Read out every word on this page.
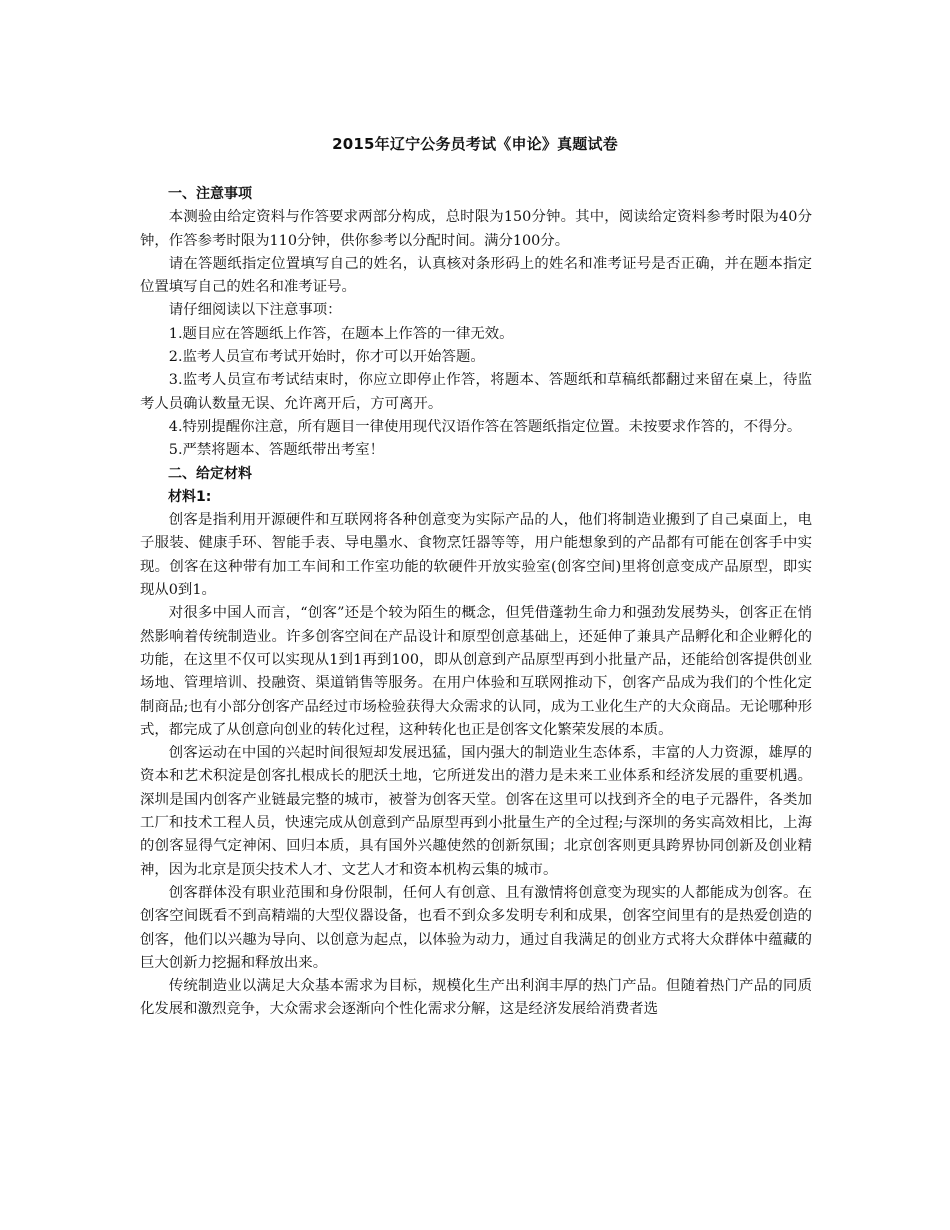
2015年辽宁公务员考试《申论》真题试卷

一、注意事项

本测验由给定资料与作答要求两部分构成，总时限为150分钟。其中，阅读给定资料参考时限为40分钟，作答参考时限为110分钟，供你参考以分配时间。满分100分。

请在答题纸指定位置填写自己的姓名，认真核对条形码上的姓名和准考证号是否正确，并在题本指定位置填写自己的姓名和准考证号。

请仔细阅读以下注意事项：

1.题目应在答题纸上作答，在题本上作答的一律无效。

2.监考人员宣布考试开始时，你才可以开始答题。

3.监考人员宣布考试结束时，你应立即停止作答，将题本、答题纸和草稿纸都翻过来留在桌上，待监考人员确认数量无误、允许离开后，方可离开。

4.特别提醒你注意，所有题目一律使用现代汉语作答在答题纸指定位置。未按要求作答的，不得分。

5.严禁将题本、答题纸带出考室！

二、给定材料

材料1:

创客是指利用开源硬件和互联网将各种创意变为实际产品的人，他们将制造业搬到了自己桌面上，电子服装、健康手环、智能手表、导电墨水、食物烹饪器等等，用户能想象到的产品都有可能在创客手中实现。创客在这种带有加工车间和工作室功能的软硬件开放实验室(创客空间)里将创意变成产品原型，即实现从0到1。

对很多中国人而言，“创客”还是个较为陌生的概念，但凭借蓬勃生命力和强劲发展势头，创客正在悄然影响着传统制造业。许多创客空间在产品设计和原型创意基础上，还延伸了兼具产品孵化和企业孵化的功能，在这里不仅可以实现从1到1再到100，即从创意到产品原型再到小批量产品，还能给创客提供创业场地、管理培训、投融资、渠道销售等服务。在用户体验和互联网推动下，创客产品成为我们的个性化定制商品;也有小部分创客产品经过市场检验获得大众需求的认同，成为工业化生产的大众商品。无论哪种形式，都完成了从创意向创业的转化过程，这种转化也正是创客文化繁荣发展的本质。

创客运动在中国的兴起时间很短却发展迅猛，国内强大的制造业生态体系，丰富的人力资源，雄厚的资本和艺术积淀是创客扎根成长的肥沃土地，它所迸发出的潜力是未来工业体系和经济发展的重要机遇。深圳是国内创客产业链最完整的城市，被誉为创客天堂。创客在这里可以找到齐全的电子元器件，各类加工厂和技术工程人员，快速完成从创意到产品原型再到小批量生产的全过程;与深圳的务实高效相比，上海的创客显得气定神闲、回归本质，具有国外兴趣使然的创新氛围；北京创客则更具跨界协同创新及创业精神，因为北京是顶尖技术人才、文艺人才和资本机构云集的城市。

创客群体没有职业范围和身份限制，任何人有创意、且有激情将创意变为现实的人都能成为创客。在创客空间既看不到高精端的大型仪器设备，也看不到众多发明专利和成果，创客空间里有的是热爱创造的创客，他们以兴趣为导向、以创意为起点，以体验为动力，通过自我满足的创业方式将大众群体中蕴藏的巨大创新力挖掘和释放出来。

传统制造业以满足大众基本需求为目标，规模化生产出利润丰厚的热门产品。但随着热门产品的同质化发展和激烈竞争，大众需求会逐渐向个性化需求分解，这是经济发展给消费者选
